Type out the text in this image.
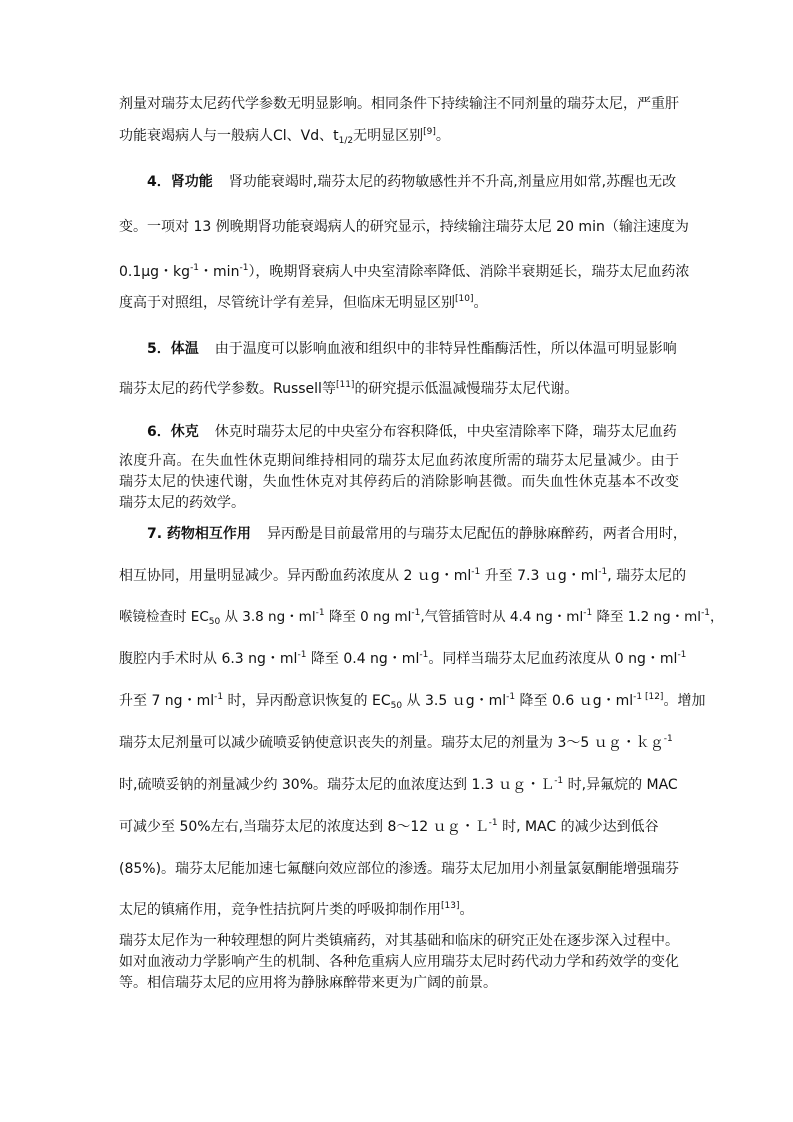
剂量对瑞芬太尼药代学参数无明显影响。相同条件下持续输注不同剂量的瑞芬太尼，严重肝
功能衰竭病人与一般病人Cl、Vd、$t_{1/2}$无明显区别[9]。
4．肾功能 肾功能衰竭时,瑞芬太尼的药物敏感性并不升高,剂量应用如常,苏醒也无改
变。一项对 13 例晚期肾功能衰竭病人的研究显示，持续输注瑞芬太尼 20 min（输注速度为
0.1μg・$kg^{-1}$・$\min^{-1}$），晚期肾衰病人中央室清除率降低、消除半衰期延长，瑞芬太尼血药浓
度高于对照组，尽管统计学有差异，但临床无明显区别[10]。
5．体温 由于温度可以影响血液和组织中的非特异性酯酶活性，所以体温可明显影响
瑞芬太尼的药代学参数。Russell等[11]的研究提示低温减慢瑞芬太尼代谢。
6．休克 休克时瑞芬太尼的中央室分布容积降低，中央室清除率下降，瑞芬太尼血药
浓度升高。在失血性休克期间维持相同的瑞芬太尼血药浓度所需的瑞芬太尼量减少。由于
瑞芬太尼的快速代谢，失血性休克对其停药后的消除影响甚微。而失血性休克基本不改变
瑞芬太尼的药效学。
7. 药物相互作用 异丙酚是目前最常用的与瑞芬太尼配伍的静脉麻醉药，两者合用时，
相互协同，用量明显减少。异丙酚血药浓度从 2 ｕg・$ml^{-1}$ 升至 7.3 ｕg・$ml^{-1}$, 瑞芬太尼的
喉镜检查时 $EC_{50}$ 从 3.8 ng・$ml^{-1}$ 降至 0 ng $ml^{-1}$,气管插管时从 4.4 ng・$ml^{-1}$ 降至 1.2 ng・$ml^{-1}$，
腹腔内手术时从 6.3 ng・$ml^{-1}$ 降至 0.4 ng・$ml^{-1}$。同样当瑞芬太尼血药浓度从 0 ng・$ml^{-1}$
升至 7 ng・$ml^{-1}$ 时，异丙酚意识恢复的 $EC_{50}$ 从 3.5 ｕg・$ml^{-1}$ 降至 0.6 ｕg・$ml^{-1}$ [12]。增加
瑞芬太尼剂量可以减少硫喷妥钠使意识丧失的剂量。瑞芬太尼的剂量为 3～5 ｕｇ・ｋｇ$^{-1}$
时,硫喷妥钠的剂量减少约 30%。瑞芬太尼的血浓度达到 1.3 ｕｇ・Ｌ$^{-1}$ 时,异氟烷的 MAC
可减少至 50%左右,当瑞芬太尼的浓度达到 8～12 ｕｇ・Ｌ$^{-1}$ 时, MAC 的减少达到低谷
(85%)。瑞芬太尼能加速七氟醚向效应部位的渗透。瑞芬太尼加用小剂量氯氨酮能增强瑞芬
太尼的镇痛作用，竞争性拮抗阿片类的呼吸抑制作用[13]。
瑞芬太尼作为一种较理想的阿片类镇痛药，对其基础和临床的研究正处在逐步深入过程中。
如对血液动力学影响产生的机制、各种危重病人应用瑞芬太尼时药代动力学和药效学的变化
等。相信瑞芬太尼的应用将为静脉麻醉带来更为广阔的前景。
